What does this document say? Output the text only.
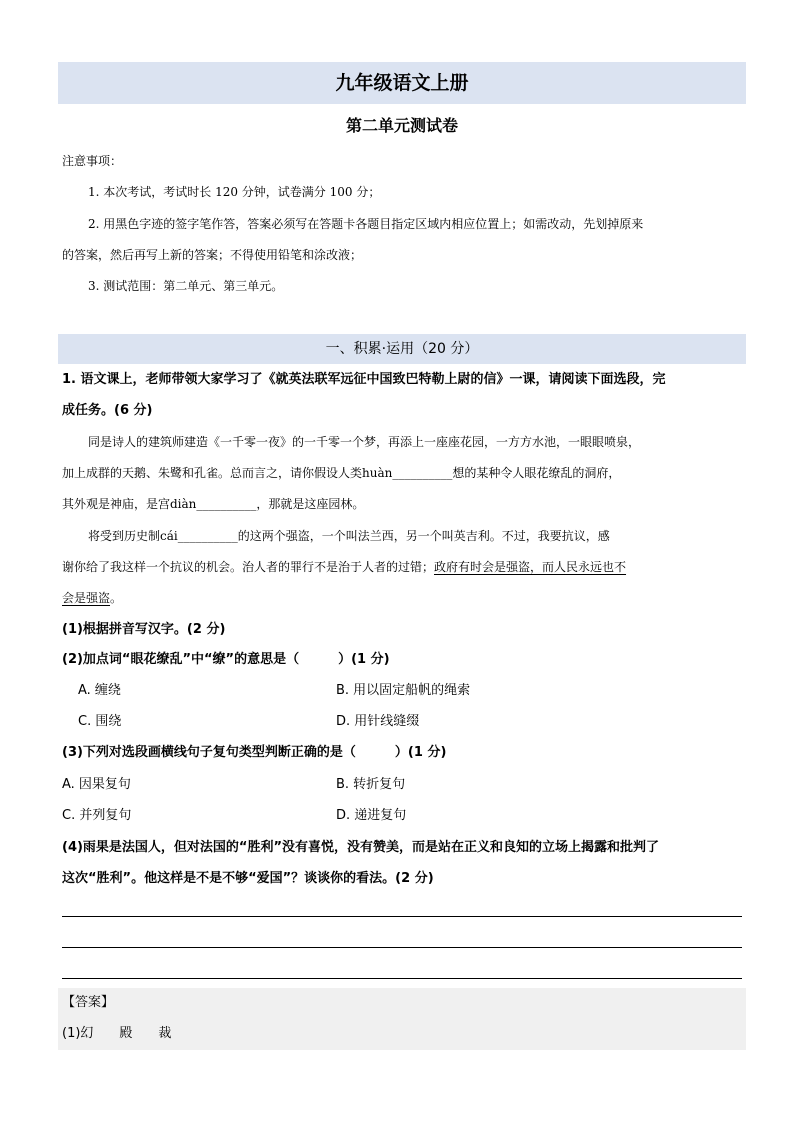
九年级语文上册
第二单元测试卷
注意事项：
1. 本次考试，考试时长 120 分钟，试卷满分 100 分；
2. 用黑色字迹的签字笔作答，答案必须写在答题卡各题目指定区域内相应位置上；如需改动，先划掉原来
的答案，然后再写上新的答案；不得使用铅笔和涂改液；
3. 测试范围：第二单元、第三单元。
一、积累·运用（20 分）
1. 语文课上，老师带领大家学习了《就英法联军远征中国致巴特勒上尉的信》一课，请阅读下面选段，完
成任务。(6 分)
同是诗人的建筑师建造《一千零一夜》的一千零一个梦，再添上一座座花园，一方方水池，一眼眼喷泉，
加上成群的天鹅、朱鹭和孔雀。总而言之，请你假设人类huàn__________想的某种令人眼花缭乱的洞府，
其外观是神庙，是宫diàn__________，那就是这座园林。
将受到历史制cái__________的这两个强盗，一个叫法兰西，另一个叫英吉利。不过，我要抗议，感
谢你给了我这样一个抗议的机会。治人者的罪行不是治于人者的过错；政府有时会是强盗，而人民永远也不
会是强盗。
(1)根据拼音写汉字。(2 分)
(2)加点词“眼花缭乱”中“缭”的意思是（　　　）(1 分)
A. 缠绕	B. 用以固定船帆的绳索
C. 围绕	D. 用针线缝缀
(3)下列对选段画横线句子复句类型判断正确的是（　　　）(1 分)
A. 因果复句	B. 转折复句
C. 并列复句	D. 递进复句
(4)雨果是法国人，但对法国的“胜利”没有喜悦，没有赞美，而是站在正义和良知的立场上揭露和批判了
这次“胜利”。他这样是不是不够“爱国”？谈谈你的看法。(2 分)
【答案】
(1)幻　　殿　　裁
